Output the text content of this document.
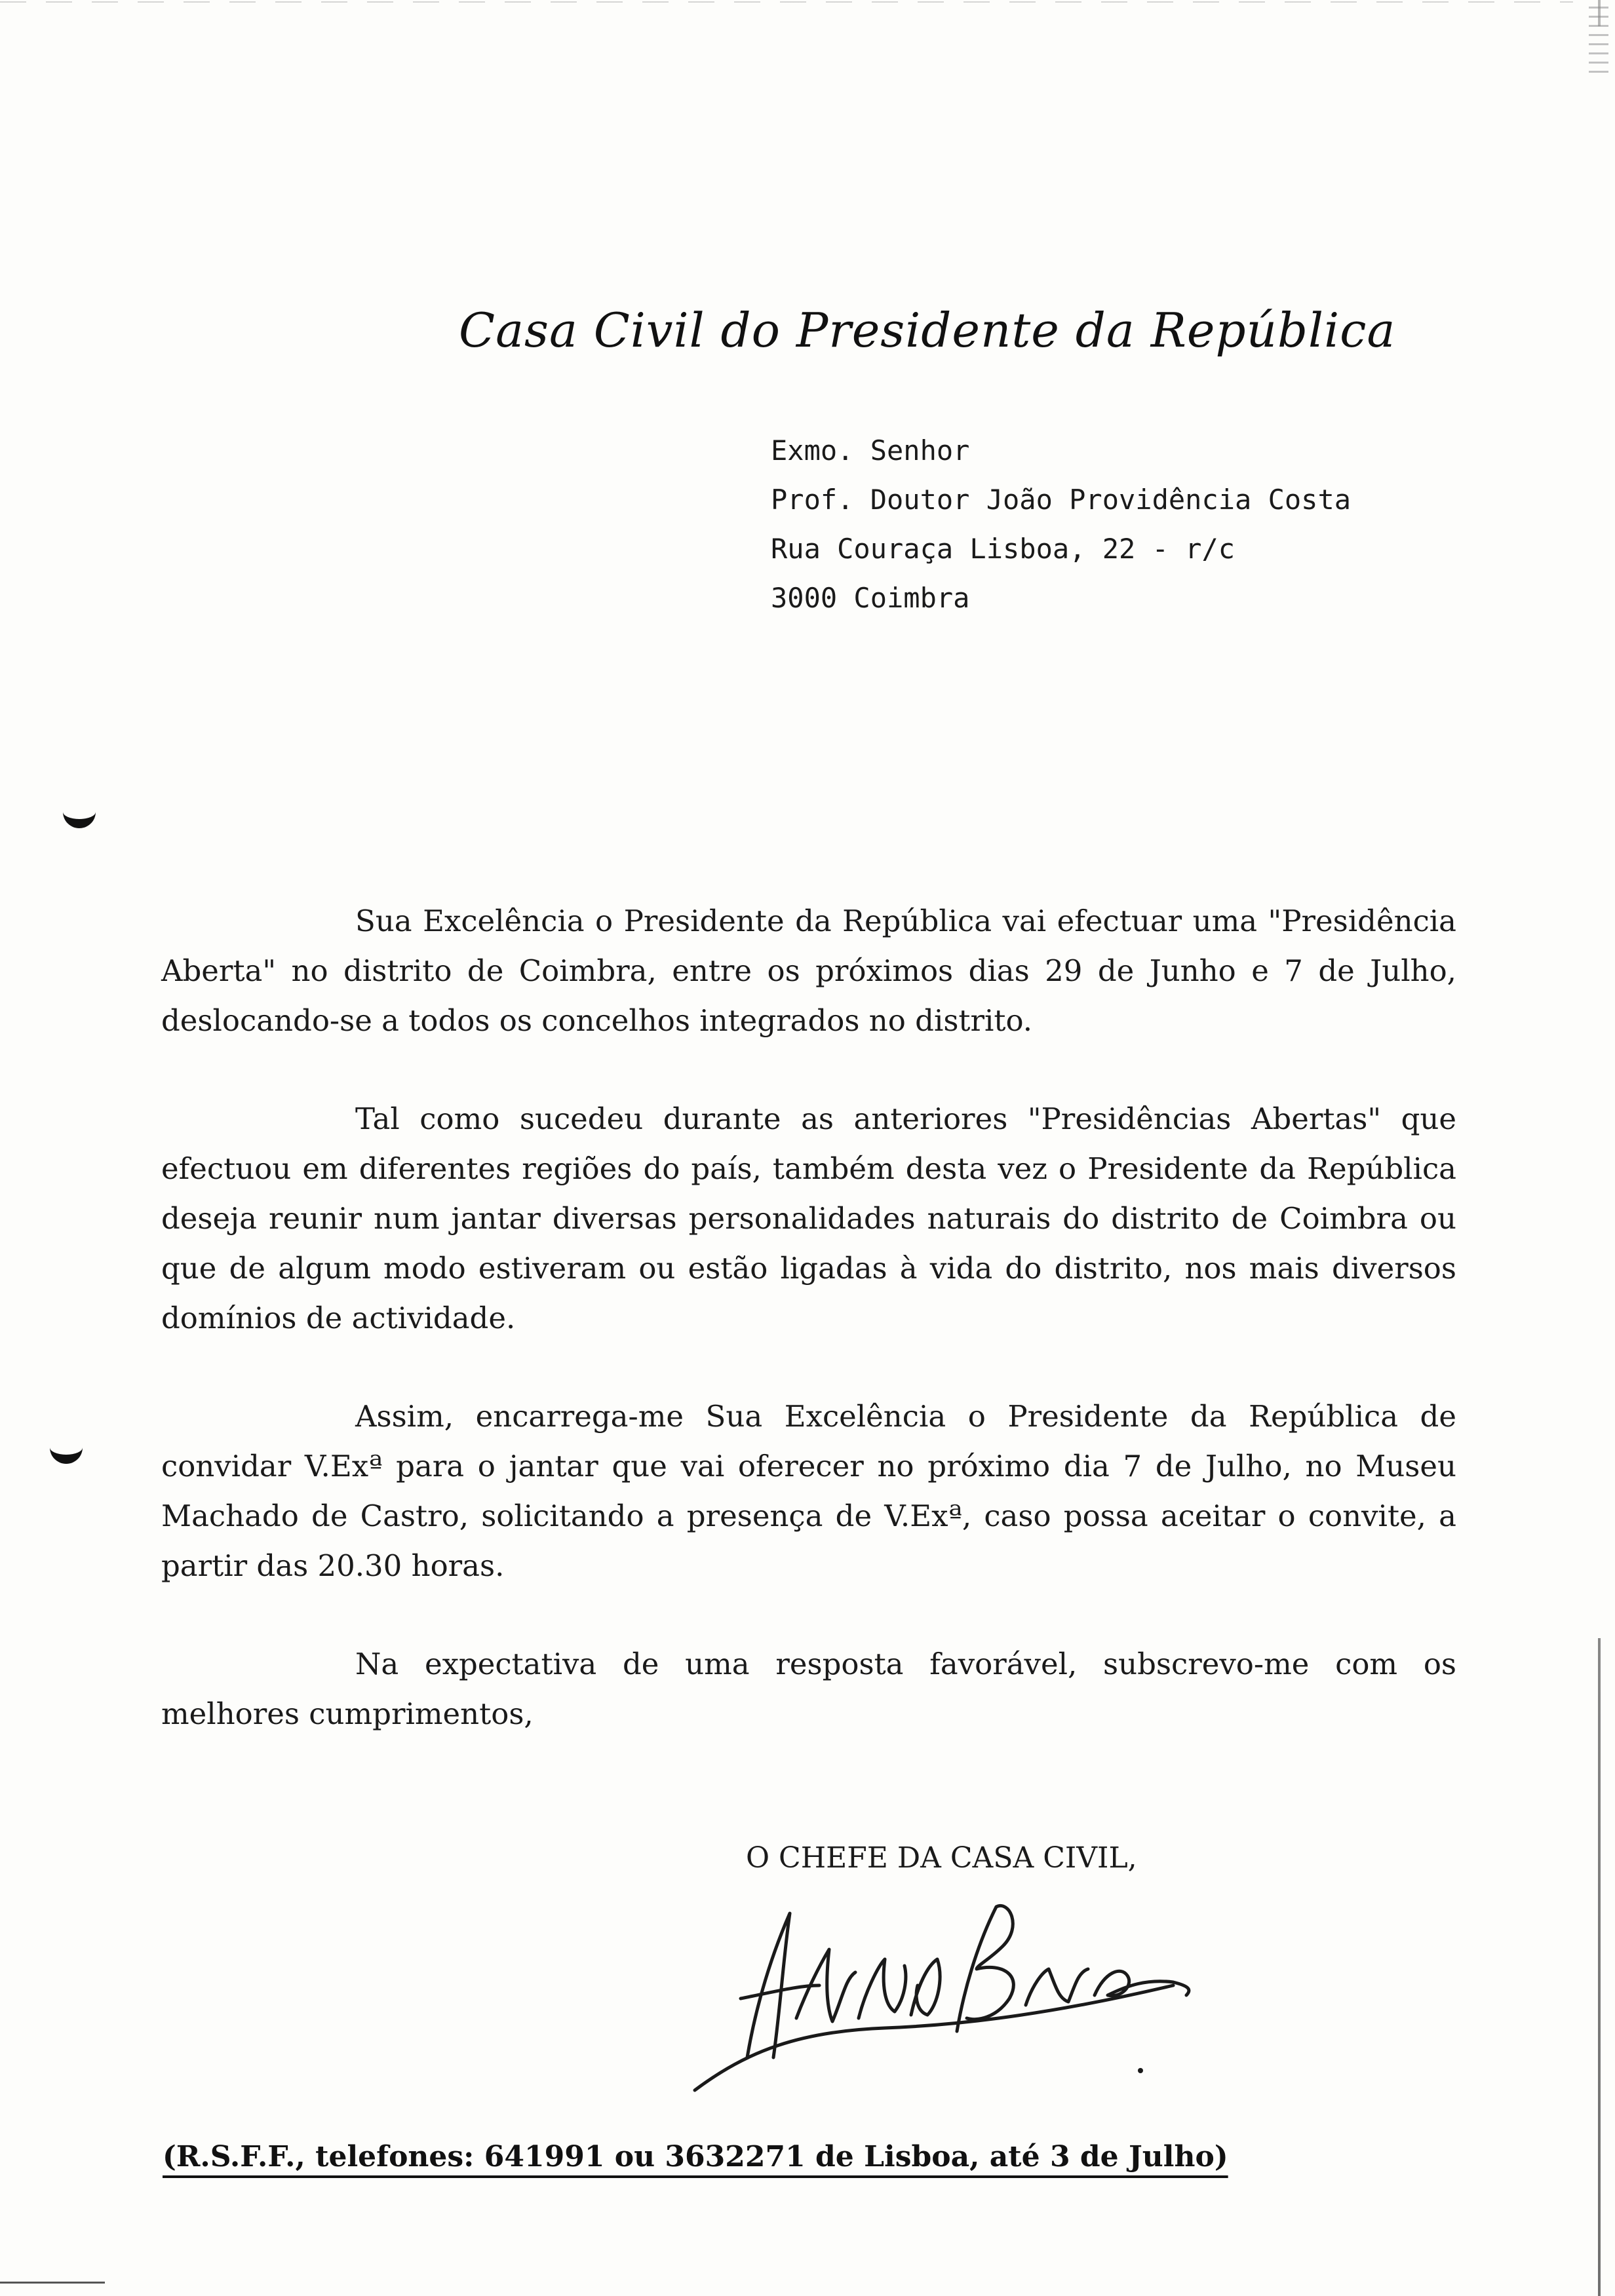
Casa Civil do Presidente da República
Exmo. Senhor
Prof. Doutor João Providência Costa
Rua Couraça Lisboa, 22 - r/c
3000 Coimbra

Sua Excelência o Presidente da República vai efectuar uma "Presidência Aberta" no distrito de Coimbra, entre os próximos dias 29 de Junho e 7 de Julho, deslocando-se a todos os concelhos integrados no distrito.

Tal como sucedeu durante as anteriores "Presidências Abertas" que efectuou em diferentes regiões do país, também desta vez o Presidente da República deseja reunir num jantar diversas personalidades naturais do distrito de Coimbra ou que de algum modo estiveram ou estão ligadas à vida do distrito, nos mais diversos domínios de actividade.

Assim, encarrega-me Sua Excelência o Presidente da República de convidar V.Exª para o jantar que vai oferecer no próximo dia 7 de Julho, no Museu Machado de Castro, solicitando a presença de V.Exª, caso possa aceitar o convite, a partir das 20.30 horas.

Na expectativa de uma resposta favorável, subscrevo-me com os melhores cumprimentos,

O CHEFE DA CASA CIVIL,
(R.S.F.F., telefones: 641991 ou 3632271 de Lisboa, até 3 de Julho)
